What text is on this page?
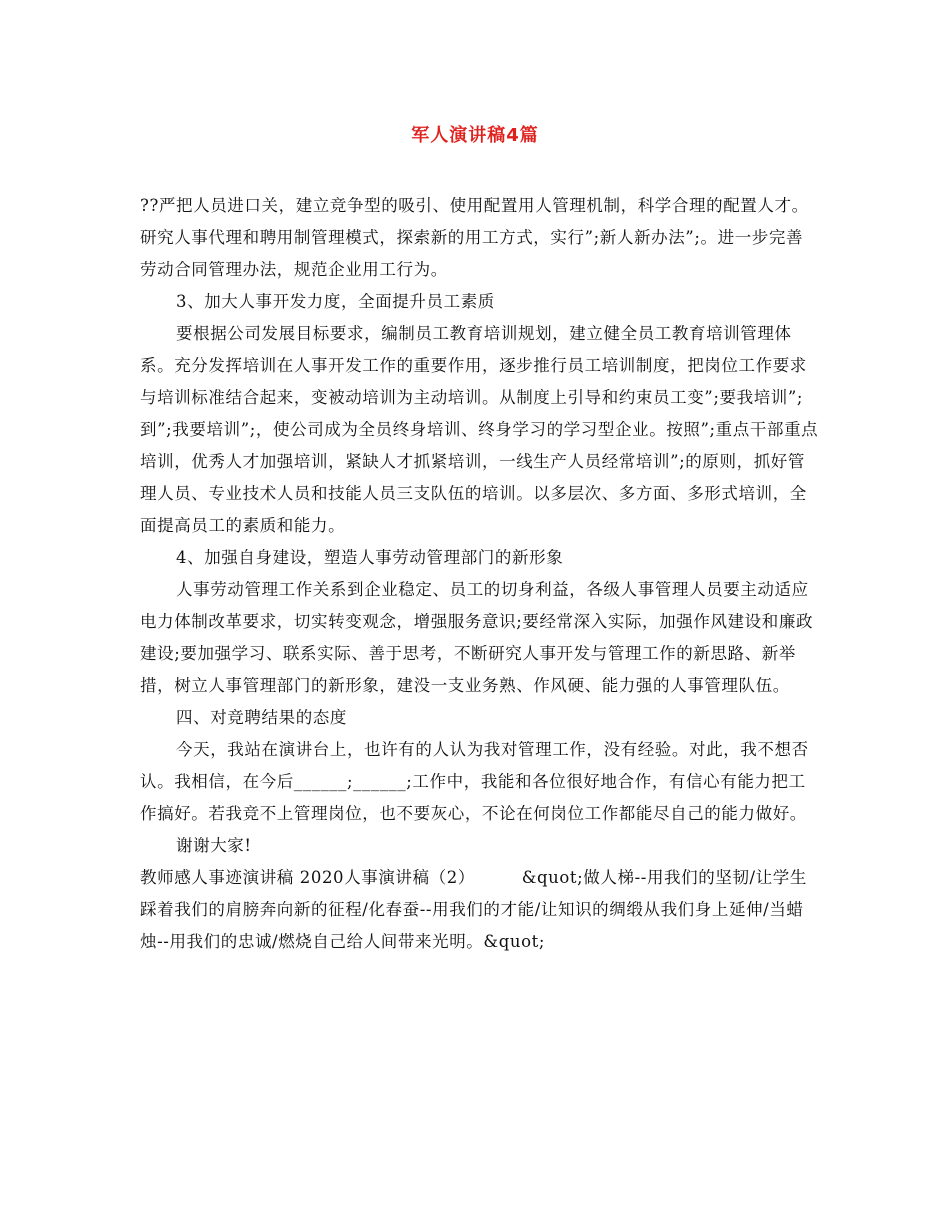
军人演讲稿4篇

??严把人员进口关，建立竞争型的吸引、使用配置用人管理机制，科学合理的配置人才。研究人事代理和聘用制管理模式，探索新的用工方式，实行”;新人新办法”;。进一步完善劳动合同管理办法，规范企业用工行为。

3、加大人事开发力度，全面提升员工素质

要根据公司发展目标要求，编制员工教育培训规划，建立健全员工教育培训管理体系。充分发挥培训在人事开发工作的重要作用，逐步推行员工培训制度，把岗位工作要求与培训标准结合起来，变被动培训为主动培训。从制度上引导和约束员工变”;要我培训”;到”;我要培训”;，使公司成为全员终身培训、终身学习的学习型企业。按照”;重点干部重点培训，优秀人才加强培训，紧缺人才抓紧培训，一线生产人员经常培训”;的原则，抓好管理人员、专业技术人员和技能人员三支队伍的培训。以多层次、多方面、多形式培训，全面提高员工的素质和能力。

4、加强自身建设，塑造人事劳动管理部门的新形象

人事劳动管理工作关系到企业稳定、员工的切身利益，各级人事管理人员要主动适应电力体制改革要求，切实转变观念，增强服务意识;要经常深入实际，加强作风建设和廉政建设;要加强学习、联系实际、善于思考，不断研究人事开发与管理工作的新思路、新举措，树立人事管理部门的新形象，建没一支业务熟、作风硬、能力强的人事管理队伍。

四、对竞聘结果的态度

今天，我站在演讲台上，也许有的人认为我对管理工作，没有经验。对此，我不想否认。我相信，在今后______;______;工作中，我能和各位很好地合作，有信心有能力把工作搞好。若我竞不上管理岗位，也不要灰心，不论在何岗位工作都能尽自己的能力做好。

谢谢大家!

教师感人事迹演讲稿 2020人事演讲稿（2）        &quot;做人梯--用我们的坚韧/让学生踩着我们的肩膀奔向新的征程/化春蚕--用我们的才能/让知识的绸缎从我们身上延伸/当蜡烛--用我们的忠诚/燃烧自己给人间带来光明。&quot;
